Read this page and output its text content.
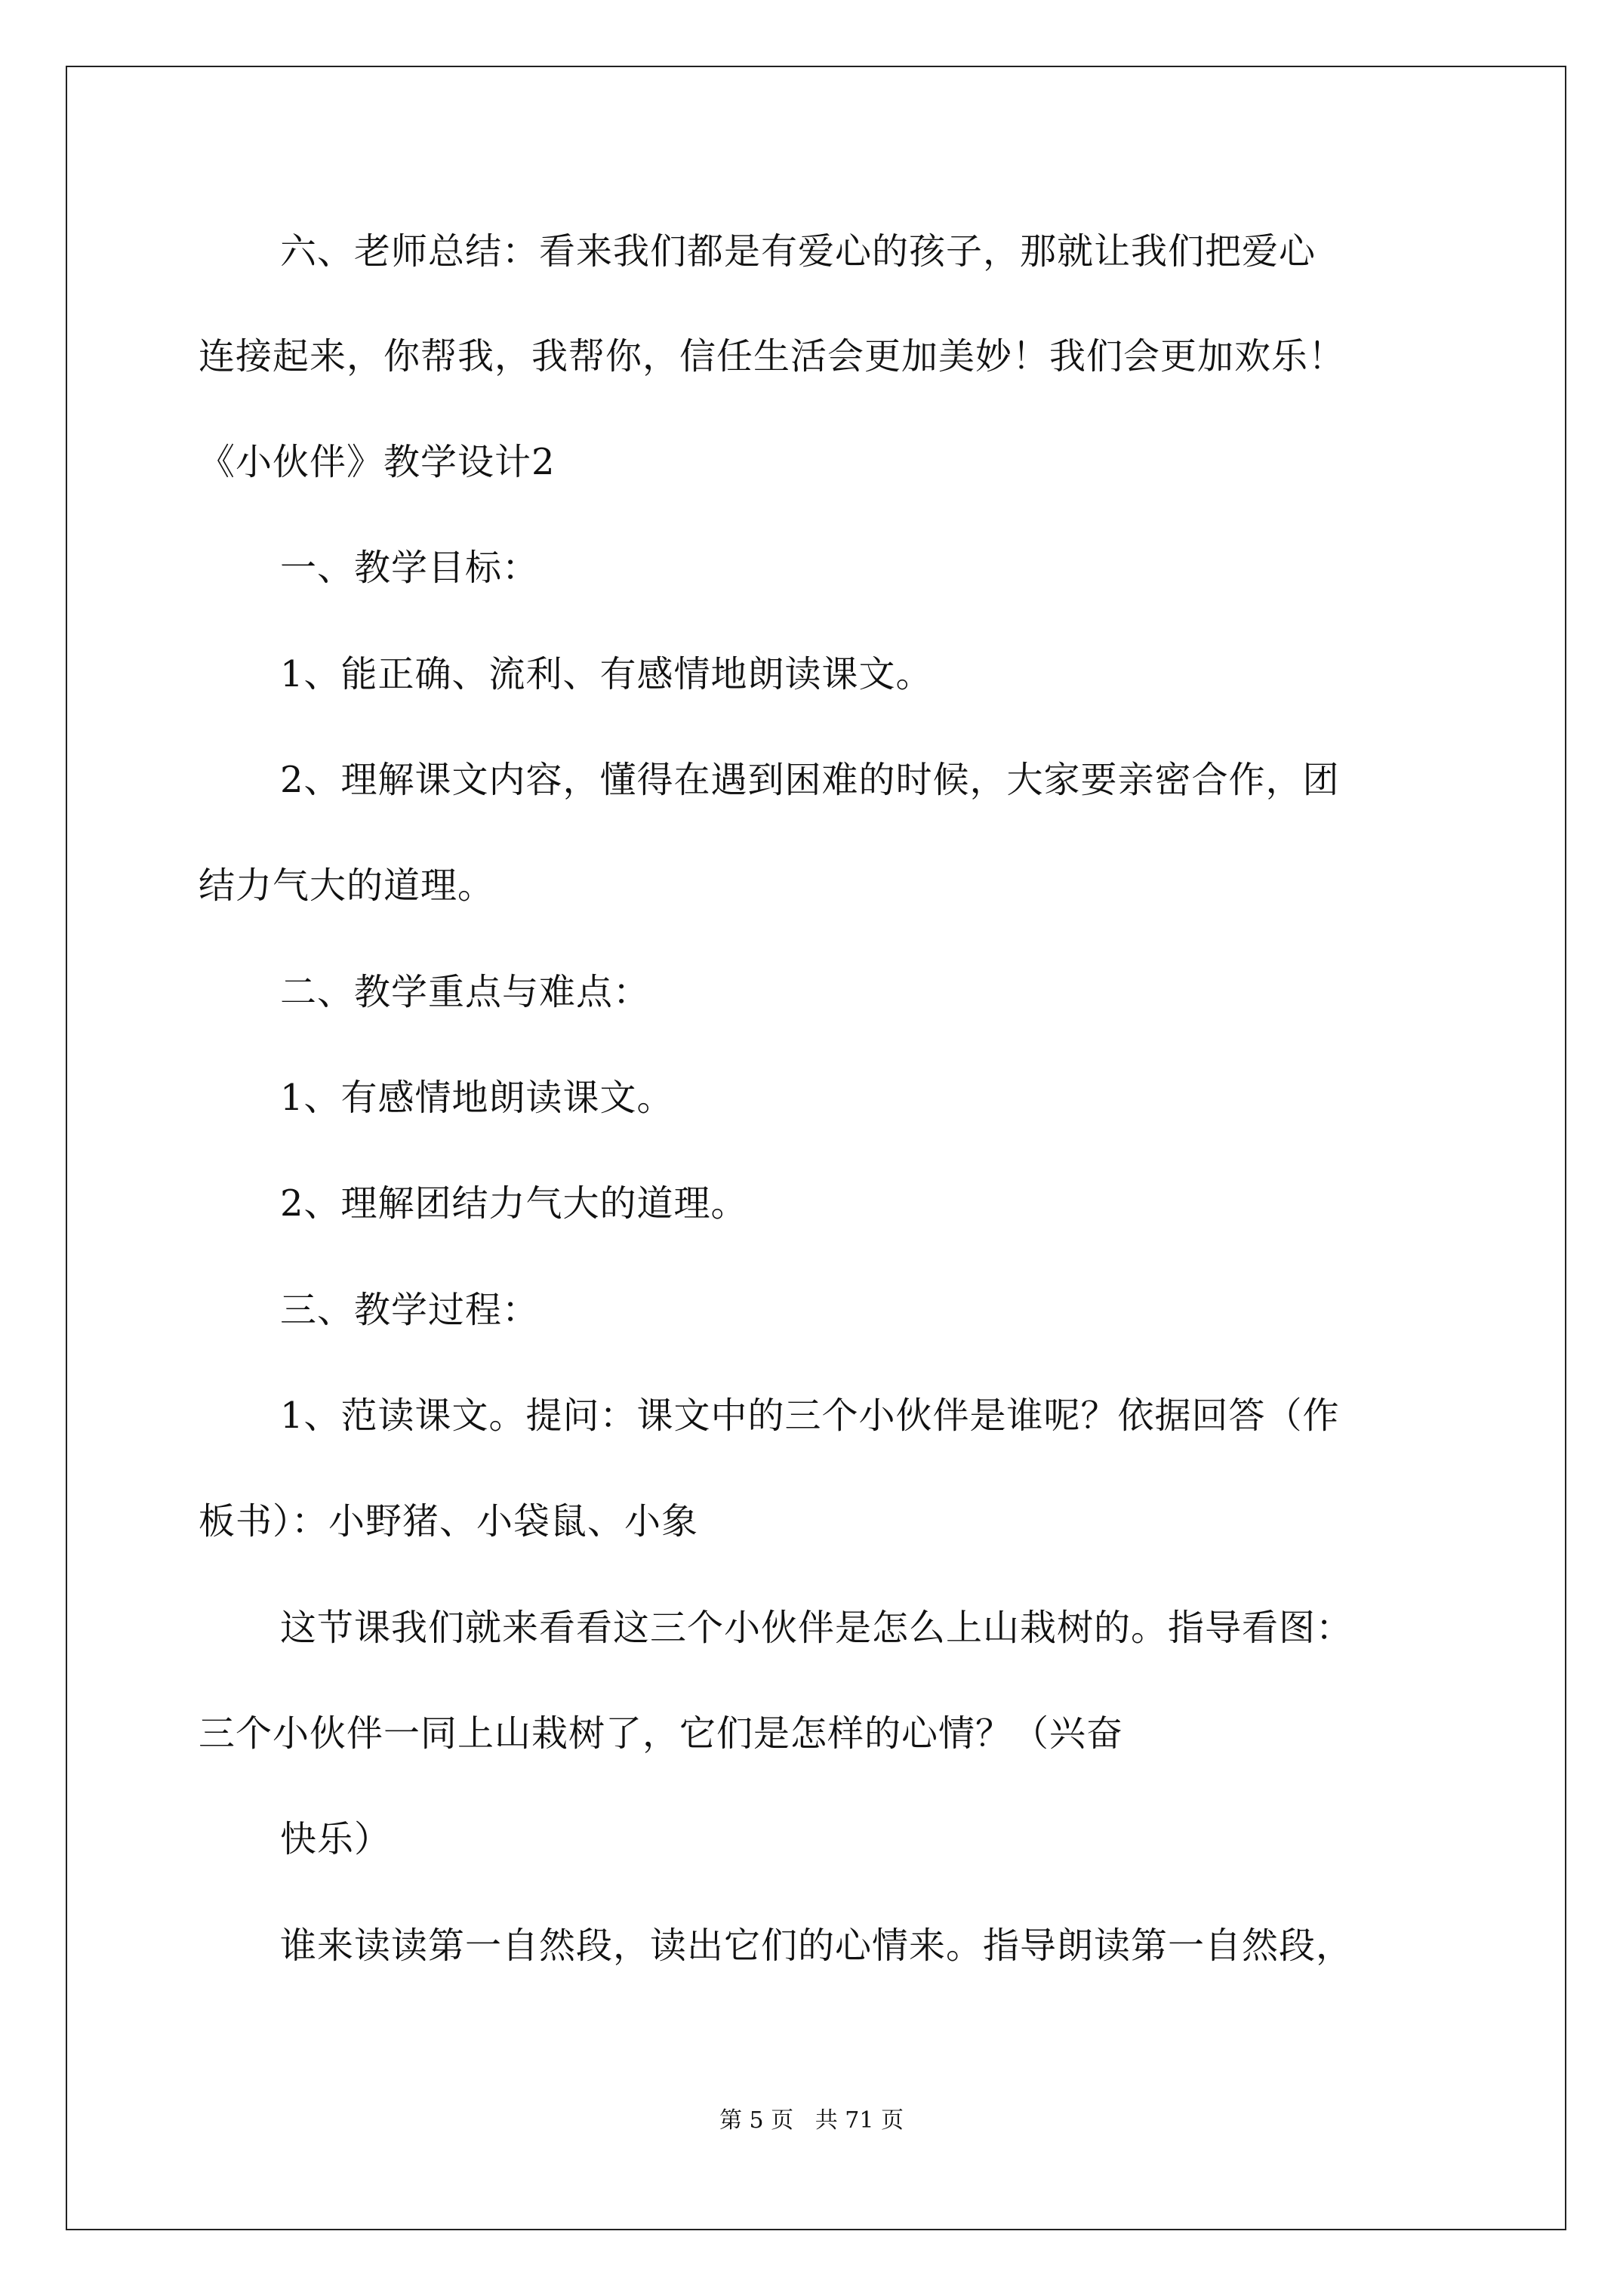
六、老师总结：看来我们都是有爱心的孩子，那就让我们把爱心
连接起来，你帮我，我帮你，信任生活会更加美妙！我们会更加欢乐！
《小伙伴》教学设计2
一、教学目标：
1、能正确、流利、有感情地朗读课文。
2、理解课文内容，懂得在遇到困难的时候，大家要亲密合作，团
结力气大的道理。
二、教学重点与难点：
1、有感情地朗读课文。
2、理解团结力气大的道理。
三、教学过程：
1、范读课文。提问：课文中的三个小伙伴是谁呢？依据回答（作
板书）：小野猪、小袋鼠、小象
这节课我们就来看看这三个小伙伴是怎么上山栽树的。指导看图：
三个小伙伴一同上山栽树了，它们是怎样的心情？（兴奋
快乐）
谁来读读第一自然段，读出它们的心情来。指导朗读第一自然段，
第 5 页   共 71 页
